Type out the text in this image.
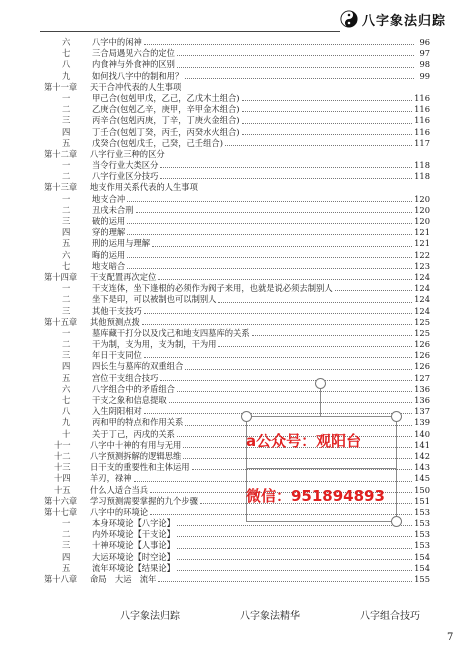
八字象法归踪
六	八字中的闲神	96
七	三合局遇见六合的定位	97
八	内食神与外食神的区别	98
九	如何找八字中的制和用？	99
第十一章	天干合冲代表的人生事项
一	甲己合(包剋甲戊，乙己，乙戊木土组合)	116
二	乙庚合(包剋乙辛，庚甲，辛甲金木组合)	116
三	丙辛合(包剋丙庚，丁辛，丁庚火金组合)	116
四	丁壬合(包剋丁癸，丙壬，丙癸水火组合)	116
五	戊癸合(包剋戊壬，己癸，己壬组合)	117
第十二章	八字行业三种的区分
一	当令行业大类区分	118
二	八字行业区分技巧	118
第十三章	地支作用关系代表的人生事项
一	地支合冲	120
二	丑戌未合刑	120
三	破的运用	120
四	穿的理解	121
五	刑的运用与理解	121
六	晦的运用	122
七	地支暗合	123
第十四章	干支配置再次定位	124
一	干支连体，坐下逢根的必须作为阀子来用，也就是说必须去制别人	124
二	坐下是印，可以被制也可以制别人	124
三	其他干支技巧	124
第十五章	其他预测点拨	125
一	墓库藏干打分以及戊己和地支四墓库的关系	125
二	干为制，支为用，支为制，干为用	126
三	年日干支同位	126
四	四长生与墓库的双重组合	126
五	宫位干支组合技巧	127
六	八字组合中的矛盾组合	136
七	干支之象和信息提取	136
八	入生阴阳相对	137
九	丙和甲的特点和作用关系	139
十	关于丁己，丙戌的关系	140
十一	八字中十神的有用与无用	141
十二	八字预测拆解的逻辑思维	142
十三	日干支的重要性和主体运用	143
十四	羊刃，禄神	145
十五	什么人适合当兵	150
第十六章	学习预测需要掌握的九个步骤	151
第十七章	八字中的环境论	153
一	本身环境论【八字论】	153
二	内外环境论【干支论】	153
三	十神环境论【人事论】	153
四	大运环境论【时空论】	154
五	流年环境论【结果论】	154
第十八章	命局　大运　流年	155
a公众号：观阳台
微信：951894893
八字象法归踪	八字象法精华	八字组合技巧
7
